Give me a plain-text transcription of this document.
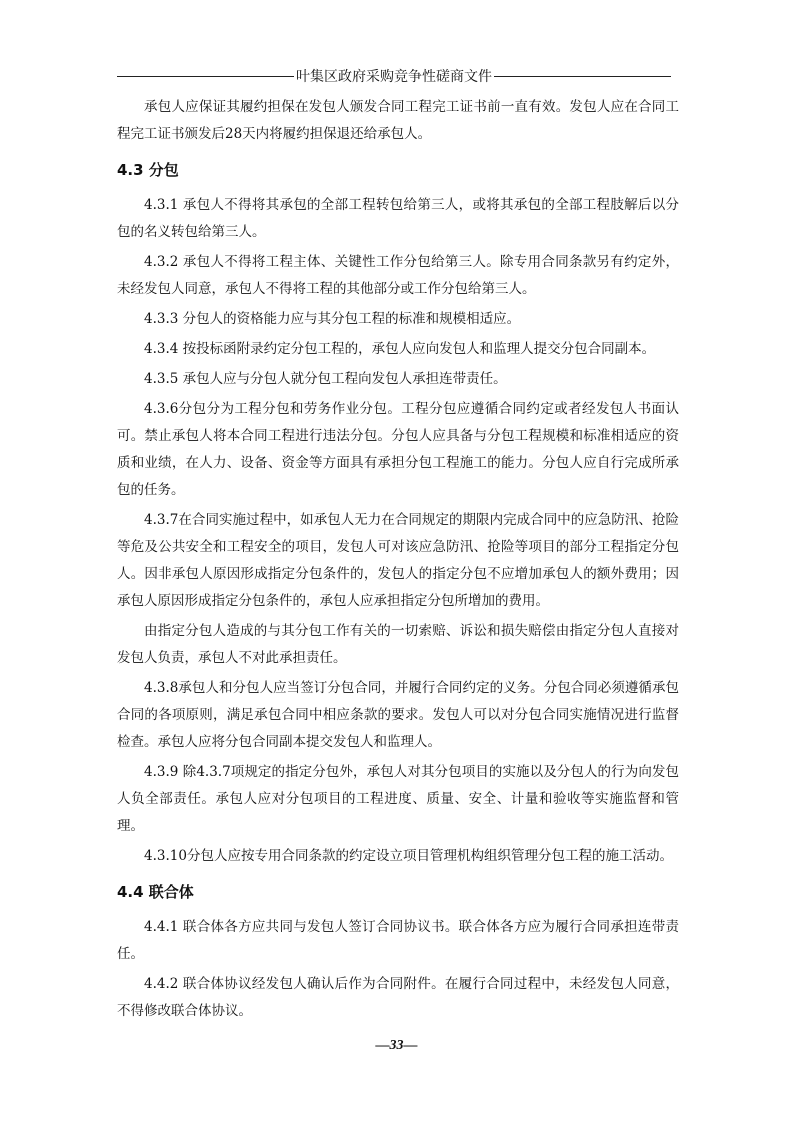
叶集区政府采购竞争性磋商文件

承包人应保证其履约担保在发包人颁发合同工程完工证书前一直有效。发包人应在合同工程完工证书颁发后28天内将履约担保退还给承包人。

4.3 分包

4.3.1 承包人不得将其承包的全部工程转包给第三人，或将其承包的全部工程肢解后以分包的名义转包给第三人。

4.3.2 承包人不得将工程主体、关键性工作分包给第三人。除专用合同条款另有约定外，未经发包人同意，承包人不得将工程的其他部分或工作分包给第三人。

4.3.3 分包人的资格能力应与其分包工程的标准和规模相适应。

4.3.4 按投标函附录约定分包工程的，承包人应向发包人和监理人提交分包合同副本。

4.3.5 承包人应与分包人就分包工程向发包人承担连带责任。

4.3.6分包分为工程分包和劳务作业分包。工程分包应遵循合同约定或者经发包人书面认可。禁止承包人将本合同工程进行违法分包。分包人应具备与分包工程规模和标准相适应的资质和业绩，在人力、设备、资金等方面具有承担分包工程施工的能力。分包人应自行完成所承包的任务。

4.3.7在合同实施过程中，如承包人无力在合同规定的期限内完成合同中的应急防汛、抢险等危及公共安全和工程安全的项目，发包人可对该应急防汛、抢险等项目的部分工程指定分包人。因非承包人原因形成指定分包条件的，发包人的指定分包不应增加承包人的额外费用；因承包人原因形成指定分包条件的，承包人应承担指定分包所增加的费用。

由指定分包人造成的与其分包工作有关的一切索赔、诉讼和损失赔偿由指定分包人直接对发包人负责，承包人不对此承担责任。

4.3.8承包人和分包人应当签订分包合同，并履行合同约定的义务。分包合同必须遵循承包合同的各项原则，满足承包合同中相应条款的要求。发包人可以对分包合同实施情况进行监督检查。承包人应将分包合同副本提交发包人和监理人。

4.3.9 除4.3.7项规定的指定分包外，承包人对其分包项目的实施以及分包人的行为向发包人负全部责任。承包人应对分包项目的工程进度、质量、安全、计量和验收等实施监督和管理。

4.3.10分包人应按专用合同条款的约定设立项目管理机构组织管理分包工程的施工活动。

4.4 联合体

4.4.1 联合体各方应共同与发包人签订合同协议书。联合体各方应为履行合同承担连带责任。

4.4.2 联合体协议经发包人确认后作为合同附件。在履行合同过程中，未经发包人同意，不得修改联合体协议。

—33—
